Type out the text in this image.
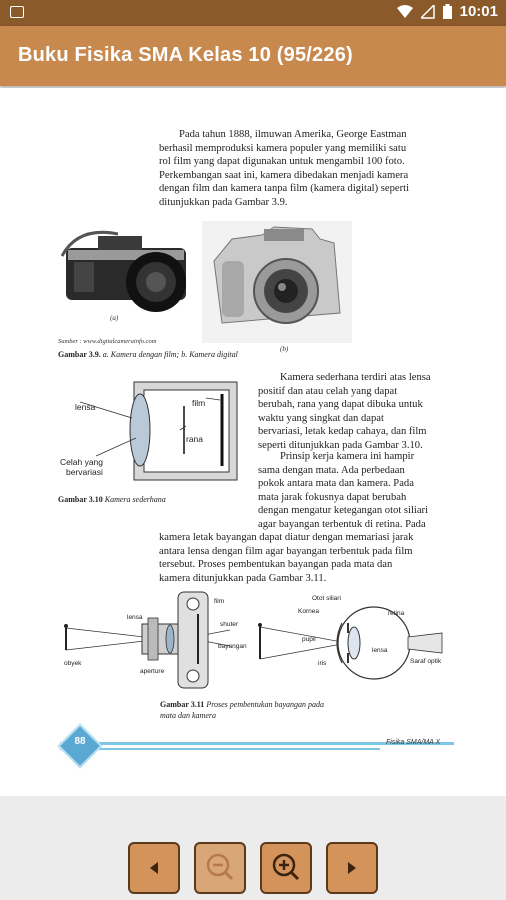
10:01
Buku Fisika SMA Kelas 10 (95/226)
Pada tahun 1888, ilmuwan Amerika, George Eastman
berhasil memproduksi kamera populer yang memiliki satu
rol film yang dapat digunakan untuk mengambil 100 foto.
Perkembangan saat ini, kamera dibedakan menjadi kamera
dengan film dan kamera tanpa film (kamera digital) seperti
ditunjukkan pada Gambar 3.9.
(a)
(b)
Sumber : www.digitalcamerainfo.com
Gambar 3.9. a. Kamera dengan film; b. Kamera digital
lensa	film
rana
Celah yang
bervariasi
Gambar 3.10 Kamera sederhana
Kamera sederhana terdiri atas lensa
positif dan atau celah yang dapat
berubah, rana yang dapat dibuka untuk
waktu yang singkat dan dapat
bervariasi, letak kedap cahaya, dan film
seperti ditunjukkan pada Gambar 3.10.
Prinsip kerja kamera ini hampir
sama dengan mata. Ada perbedaan
pokok antara mata dan kamera. Pada
mata jarak fokusnya dapat berubah
dengan mengatur ketegangan otot siliari
agar bayangan terbentuk di retina. Pada
kamera letak bayangan dapat diatur dengan memariasi jarak
antara lensa dengan film agar bayangan terbentuk pada film
tersebut. Proses pembentukan bayangan pada mata dan
kamera ditunjukkan pada Gambar 3.11.
lensa
film
shuter
bayangan
obyek
aperture
Otot siliari
Kornea	retina
pupil
lensa
iris	Saraf optik
Gambar 3.11 Proses pembentukan bayangan pada
mata dan kamera
88	Fisika SMA/MA X
